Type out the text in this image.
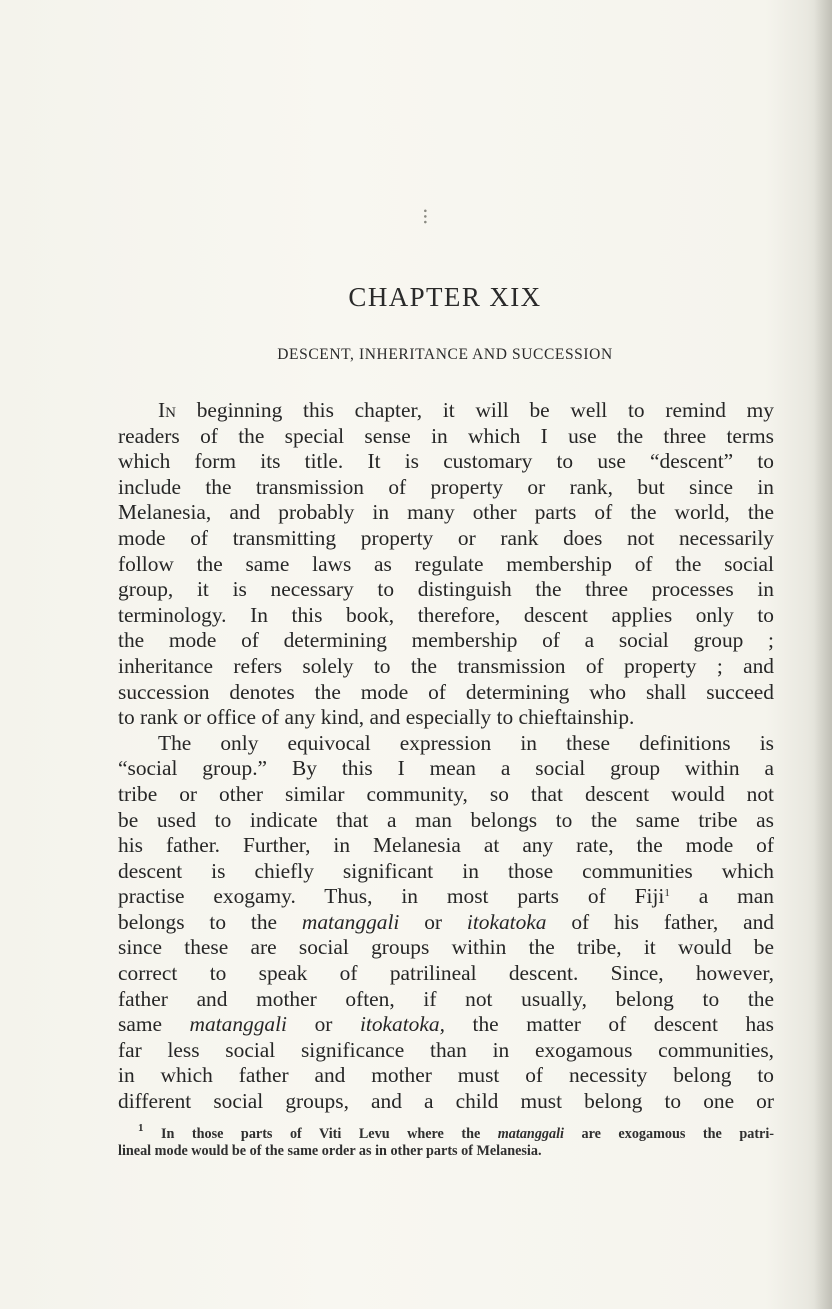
∙∙∙
CHAPTER XIX
DESCENT, INHERITANCE AND SUCCESSION
In beginning this chapter, it will be well to remind my
readers of the special sense in which I use the three terms
which form its title. It is customary to use “descent” to
include the transmission of property or rank, but since in
Melanesia, and probably in many other parts of the world, the
mode of transmitting property or rank does not necessarily
follow the same laws as regulate membership of the social
group, it is necessary to distinguish the three processes in
terminology. In this book, therefore, descent applies only to
the mode of determining membership of a social group ;
inheritance refers solely to the transmission of property ; and
succession denotes the mode of determining who shall succeed
to rank or office of any kind, and especially to chieftainship.
The only equivocal expression in these definitions is
“social group.” By this I mean a social group within a
tribe or other similar community, so that descent would not
be used to indicate that a man belongs to the same tribe as
his father. Further, in Melanesia at any rate, the mode of
descent is chiefly significant in those communities which
practise exogamy. Thus, in most parts of Fiji$^1$ a man
belongs to the matanggali or itokatoka of his father, and
since these are social groups within the tribe, it would be
correct to speak of patrilineal descent. Since, however,
father and mother often, if not usually, belong to the
same matanggali or itokatoka, the matter of descent has
far less social significance than in exogamous communities,
in which father and mother must of necessity belong to
different social groups, and a child must belong to one or
$^1$ In those parts of Viti Levu where the matanggali are exogamous the patri-
lineal mode would be of the same order as in other parts of Melanesia.
